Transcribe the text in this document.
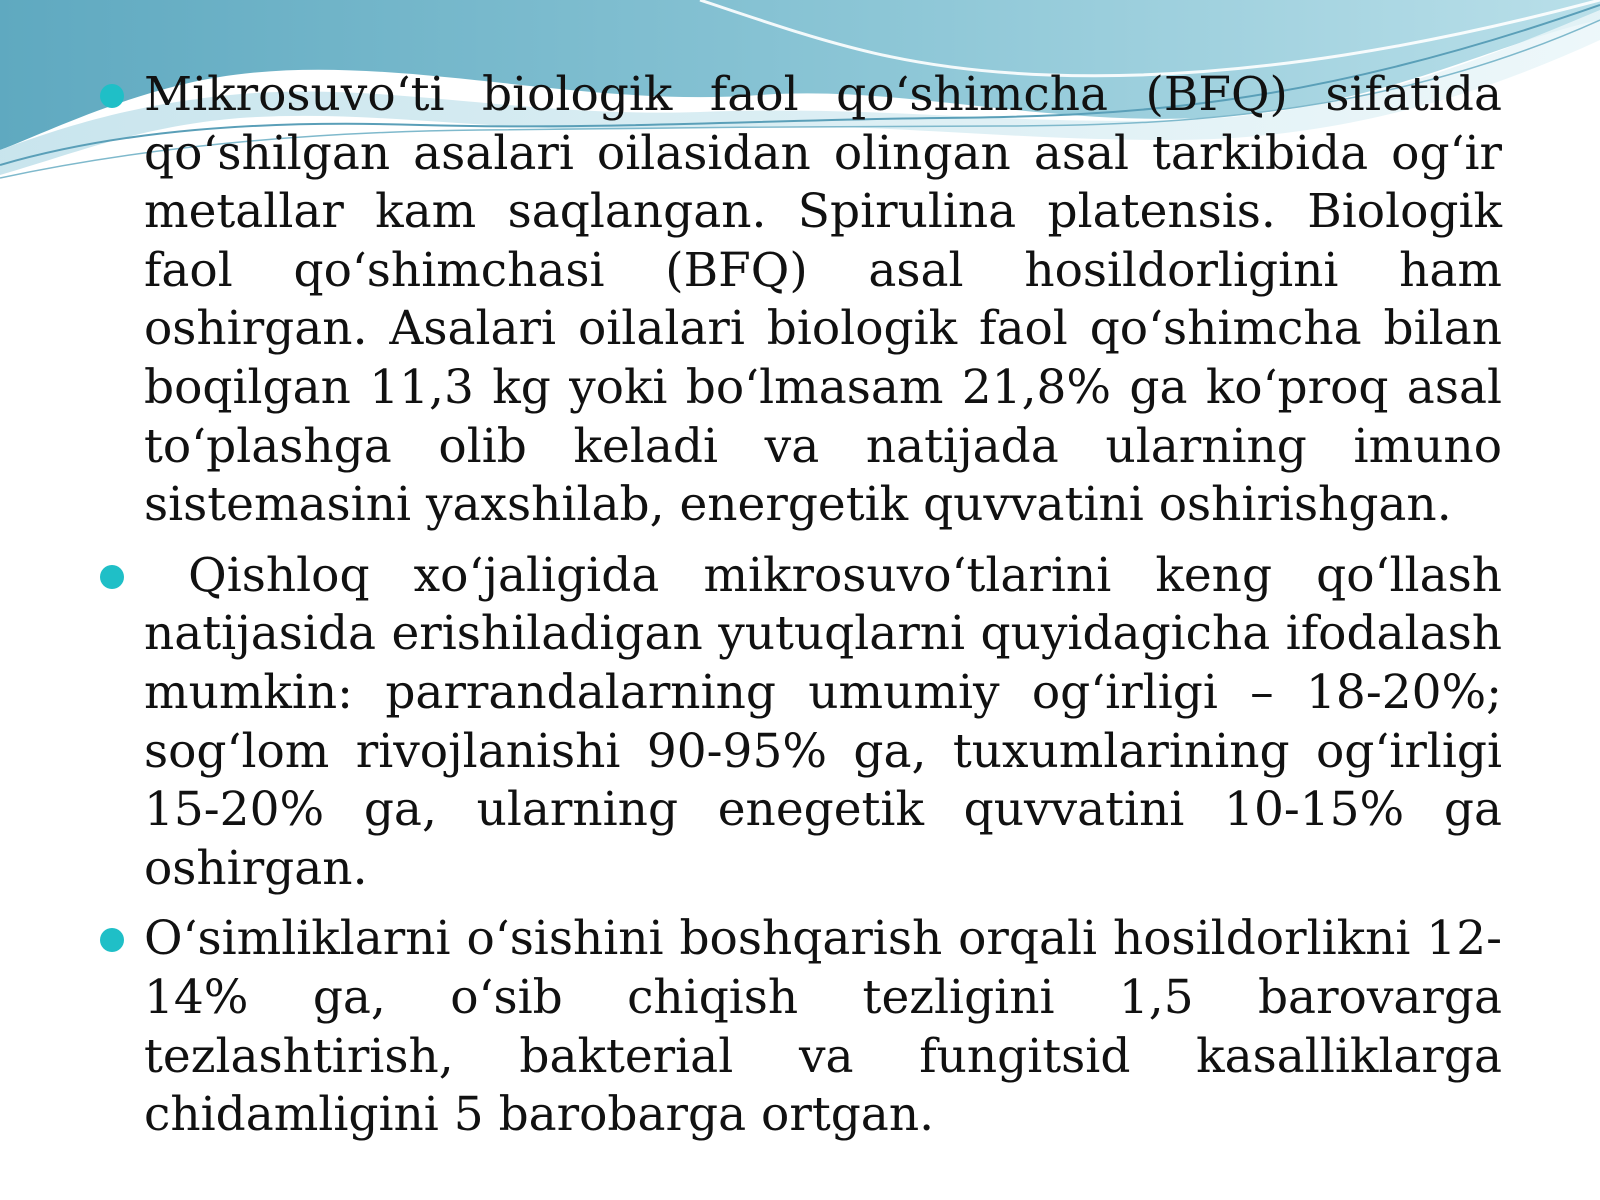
Mikrosuvo‘ti biologik faol qo‘shimcha (BFQ) sifatida qo‘shilgan asalari oilasidan olingan asal tarkibida og‘ir metallar kam saqlangan. Spirulina platensis. Biologik faol qo‘shimchasi (BFQ) asal hosildorligini ham oshirgan. Asalari oilalari biologik faol qo‘shimcha bilan boqilgan 11,3 kg yoki bo‘lmasam 21,8% ga ko‘proq asal to‘plashga olib keladi va natijada ularning imuno sistemasini yaxshilab, energetik quvvatini oshirishgan.
Qishloq xo‘jaligida mikrosuvo‘tlarini keng qo‘llash natijasida erishiladigan yutuqlarni quyidagicha ifodalash mumkin: parrandalarning umumiy og‘irligi – 18-20%; sog‘lom rivojlanishi 90-95% ga, tuxumlarining og‘irligi 15-20% ga, ularning enegetik quvvatini 10-15% ga oshirgan.
O‘simliklarni o‘sishini boshqarish orqali hosildorlikni 12-14% ga, o‘sib chiqish tezligini 1,5 barovarga tezlashtirish, bakterial va fungitsid kasalliklarga chidamligini 5 barobarga ortgan.
